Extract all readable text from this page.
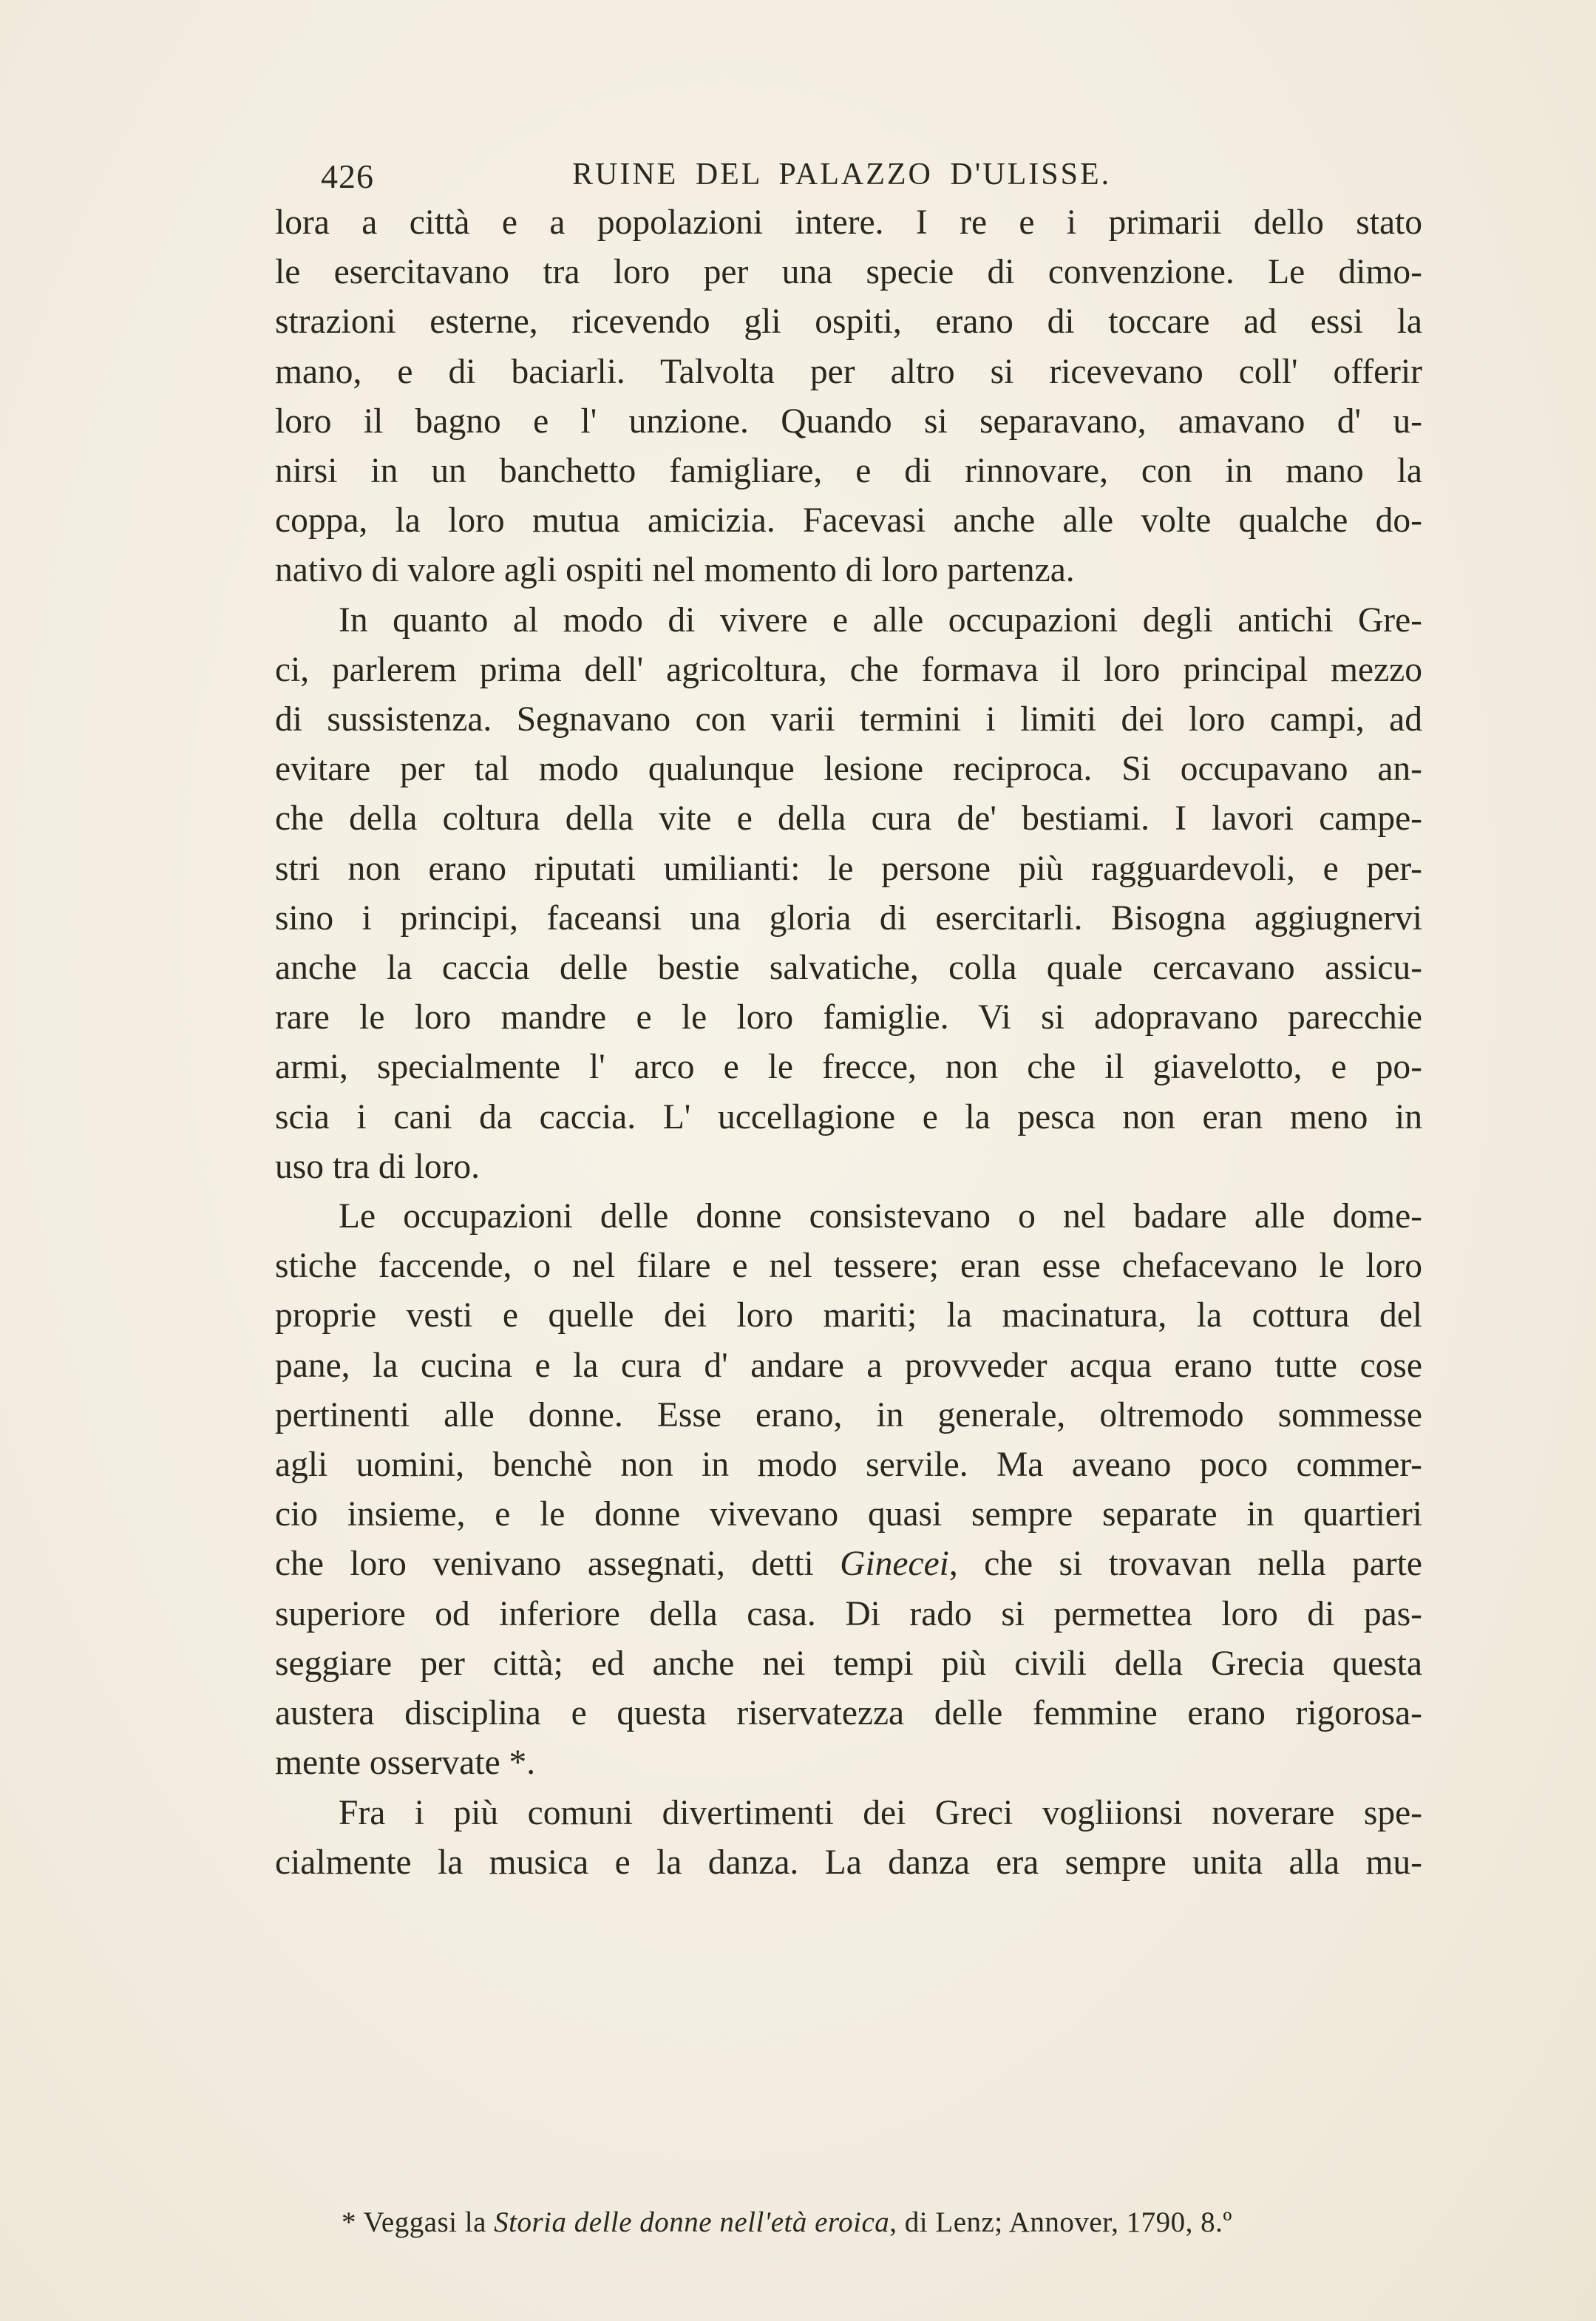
426	RUINE DEL PALAZZO D'ULISSE.

lora a città e a popolazioni intere. I re e i primarii dello stato
le esercitavano tra loro per una specie di convenzione. Le dimo-
strazioni esterne, ricevendo gli ospiti, erano di toccare ad essi la
mano, e di baciarli. Talvolta per altro si ricevevano coll' offerir
loro il bagno e l' unzione. Quando si separavano, amavano d' u-
nirsi in un banchetto famigliare, e di rinnovare, con in mano la
coppa, la loro mutua amicizia. Facevasi anche alle volte qualche do-
nativo di valore agli ospiti nel momento di loro partenza.

In quanto al modo di vivere e alle occupazioni degli antichi Gre-
ci, parlerem prima dell' agricoltura, che formava il loro principal mezzo
di sussistenza. Segnavano con varii termini i limiti dei loro campi, ad
evitare per tal modo qualunque lesione reciproca. Si occupavano an-
che della coltura della vite e della cura de' bestiami. I lavori campe-
stri non erano riputati umilianti: le persone più ragguardevoli, e per-
sino i principi, faceansi una gloria di esercitarli. Bisogna aggiugnervi
anche la caccia delle bestie salvatiche, colla quale cercavano assicu-
rare le loro mandre e le loro famiglie. Vi si adopravano parecchie
armi, specialmente l' arco e le frecce, non che il giavelotto, e po-
scia i cani da caccia. L' uccellagione e la pesca non eran meno in
uso tra di loro.

Le occupazioni delle donne consistevano o nel badare alle dome-
stiche faccende, o nel filare e nel tessere; eran esse chefacevano le loro
proprie vesti e quelle dei loro mariti; la macinatura, la cottura del
pane, la cucina e la cura d' andare a provveder acqua erano tutte cose
pertinenti alle donne. Esse erano, in generale, oltremodo sommesse
agli uomini, benchè non in modo servile. Ma aveano poco commer-
cio insieme, e le donne vivevano quasi sempre separate in quartieri
che loro venivano assegnati, detti Ginecei, che si trovavan nella parte
superiore od inferiore della casa. Di rado si permettea loro di pas-
seggiare per città; ed anche nei tempi più civili della Grecia questa
austera disciplina e questa riservatezza delle femmine erano rigorosa-
mente osservate *.

Fra i più comuni divertimenti dei Greci vogliionsi noverare spe-
cialmente la musica e la danza. La danza era sempre unita alla mu-

* Veggasi la Storia delle donne nell'età eroica, di Lenz; Annover, 1790, 8.º
